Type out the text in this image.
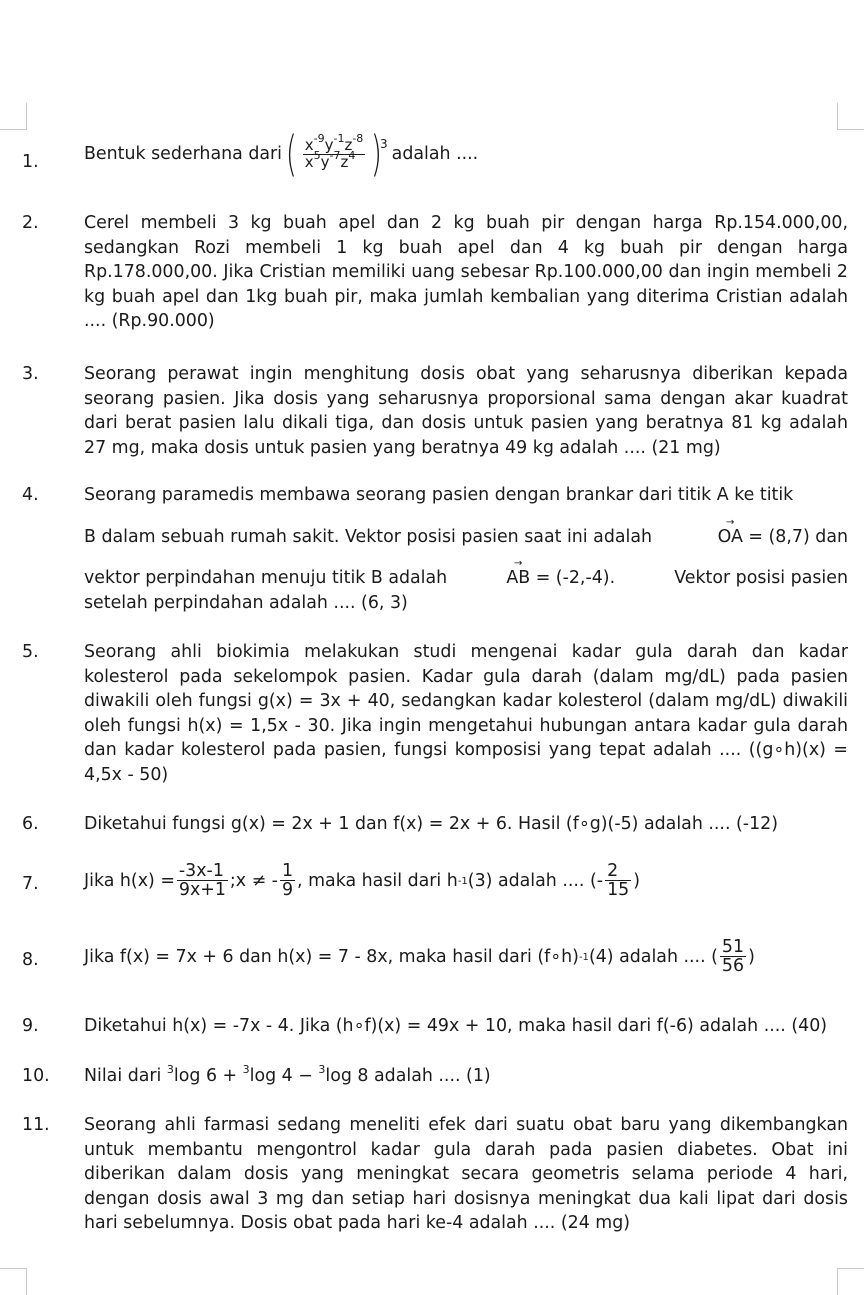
1.	Bentuk sederhana dari ( $\frac{x^{-9}y^{-1}z^{-8}}{x^5y^{-7}z^4}$ )
3 adalah ....
2.	Cerel membeli 3 kg buah apel dan 2 kg buah pir dengan harga Rp.154.000,00, sedangkan Rozi membeli 1 kg buah apel dan 4 kg buah pir dengan harga Rp.178.000,00. Jika Cristian memiliki uang sebesar Rp.100.000,00 dan ingin membeli 2 kg buah apel dan 1kg buah pir, maka jumlah kembalian yang diterima Cristian adalah .... (Rp.90.000)
3.	Seorang perawat ingin menghitung dosis obat yang seharusnya diberikan kepada seorang pasien. Jika dosis yang seharusnya proporsional sama dengan akar kuadrat dari berat pasien lalu dikali tiga, dan dosis untuk pasien yang beratnya 81 kg adalah 27 mg, maka dosis untuk pasien yang beratnya 49 kg adalah .... (21 mg)
4.	Seorang paramedis membawa seorang pasien dengan brankar dari titik A ke titik
B dalam sebuah rumah sakit. Vektor posisi pasien saat ini adalah	→ OA = (8,7) dan
vektor perpindahan menuju titik B adalah	→ AB = (-2,-4).	Vektor posisi pasien
setelah perpindahan adalah .... (6, 3)
5.	Seorang ahli biokimia melakukan studi mengenai kadar gula darah dan kadar kolesterol pada sekelompok pasien. Kadar gula darah (dalam mg/dL) pada pasien diwakili oleh fungsi g(x) = 3x + 40, sedangkan kadar kolesterol (dalam mg/dL) diwakili oleh fungsi h(x) = 1,5x - 30. Jika ingin mengetahui hubungan antara kadar gula darah dan kadar kolesterol pada pasien, fungsi komposisi yang tepat adalah .... ((g∘h)(x) = 4,5x - 50)
6.	Diketahui fungsi g(x) = 2x + 1 dan f(x) = 2x + 6. Hasil (f∘g)(-5) adalah .... (-12)
7.	Jika $h(x) = \frac{-3x-1}{9x+1}$ ;x ≠ - $\frac{1}{9}$ , maka hasil dari h -1 (3) adalah .... (- $\frac{2}{15}$ )
8.	Jika f(x) = 7x + 6 dan h(x) = 7 - 8x, maka hasil dari (f∘h) -1 (4) adalah .... ( $\frac{51}{56}$ )
9.	Diketahui h(x) = -7x - 4. Jika (h∘f)(x) = 49x + 10, maka hasil dari f(-6) adalah .... (40)
10.	Nilai dari $^3$log 6 + $^3$log 4 − $^3$log 8 adalah .... (1)
11.	Seorang ahli farmasi sedang meneliti efek dari suatu obat baru yang dikembangkan untuk membantu mengontrol kadar gula darah pada pasien diabetes. Obat ini diberikan dalam dosis yang meningkat secara geometris selama periode 4 hari, dengan dosis awal 3 mg dan setiap hari dosisnya meningkat dua kali lipat dari dosis hari sebelumnya. Dosis obat pada hari ke-4 adalah .... (24 mg)
